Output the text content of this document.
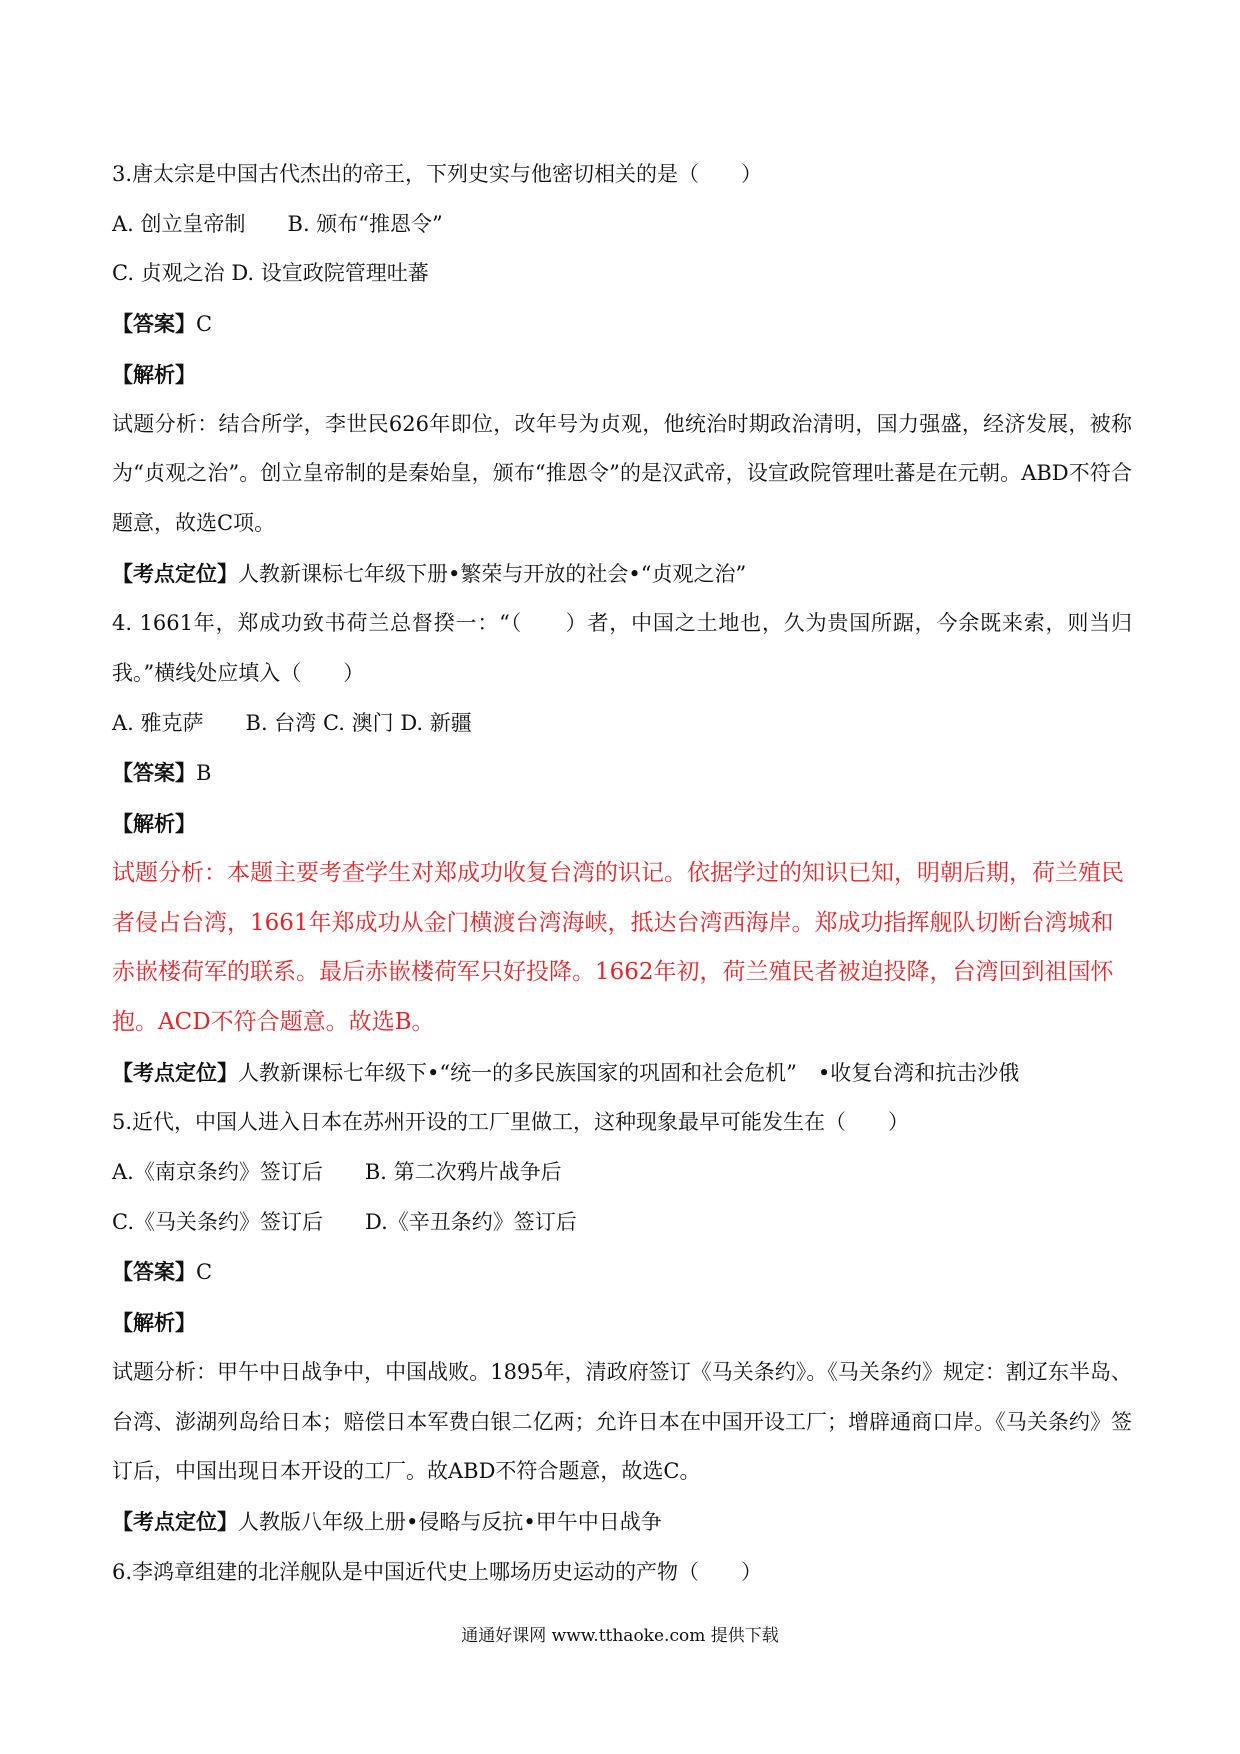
3.唐太宗是中国古代杰出的帝王，下列史实与他密切相关的是（　　）
A. 创立皇帝制　　B. 颁布“推恩令”
C. 贞观之治 D. 设宣政院管理吐蕃
【答案】C
【解析】
试题分析：结合所学，李世民626年即位，改年号为贞观，他统治时期政治清明，国力强盛，经济发展，被称为“贞观之治”。创立皇帝制的是秦始皇，颁布“推恩令”的是汉武帝，设宣政院管理吐蕃是在元朝。ABD不符合题意，故选C项。
【考点定位】人教新课标七年级下册•繁荣与开放的社会•“贞观之治”
4. 1661年，郑成功致书荷兰总督揆一：“（　　）者，中国之土地也，久为贵国所踞，今余既来索，则当归我。”横线处应填入（　　）
A. 雅克萨　　B. 台湾 C. 澳门 D. 新疆
【答案】B
【解析】
试题分析：本题主要考查学生对郑成功收复台湾的识记。依据学过的知识已知，明朝后期，荷兰殖民者侵占台湾，1661年郑成功从金门横渡台湾海峡，抵达台湾西海岸。郑成功指挥舰队切断台湾城和赤嵌楼荷军的联系。最后赤嵌楼荷军只好投降。1662年初，荷兰殖民者被迫投降，台湾回到祖国怀抱。ACD不符合题意。故选B。
【考点定位】人教新课标七年级下•“统一的多民族国家的巩固和社会危机”　•收复台湾和抗击沙俄
5.近代，中国人进入日本在苏州开设的工厂里做工，这种现象最早可能发生在（　　）
A.《南京条约》签订后　　B. 第二次鸦片战争后
C.《马关条约》签订后　　D.《辛丑条约》签订后
【答案】C
【解析】
试题分析：甲午中日战争中，中国战败。1895年，清政府签订《马关条约》。《马关条约》规定：割辽东半岛、台湾、澎湖列岛给日本；赔偿日本军费白银二亿两；允许日本在中国开设工厂；增辟通商口岸。《马关条约》签订后，中国出现日本开设的工厂。故ABD不符合题意，故选C。
【考点定位】人教版八年级上册•侵略与反抗•甲午中日战争
6.李鸿章组建的北洋舰队是中国近代史上哪场历史运动的产物（　　）
通通好课网 www.tthaoke.com 提供下载
